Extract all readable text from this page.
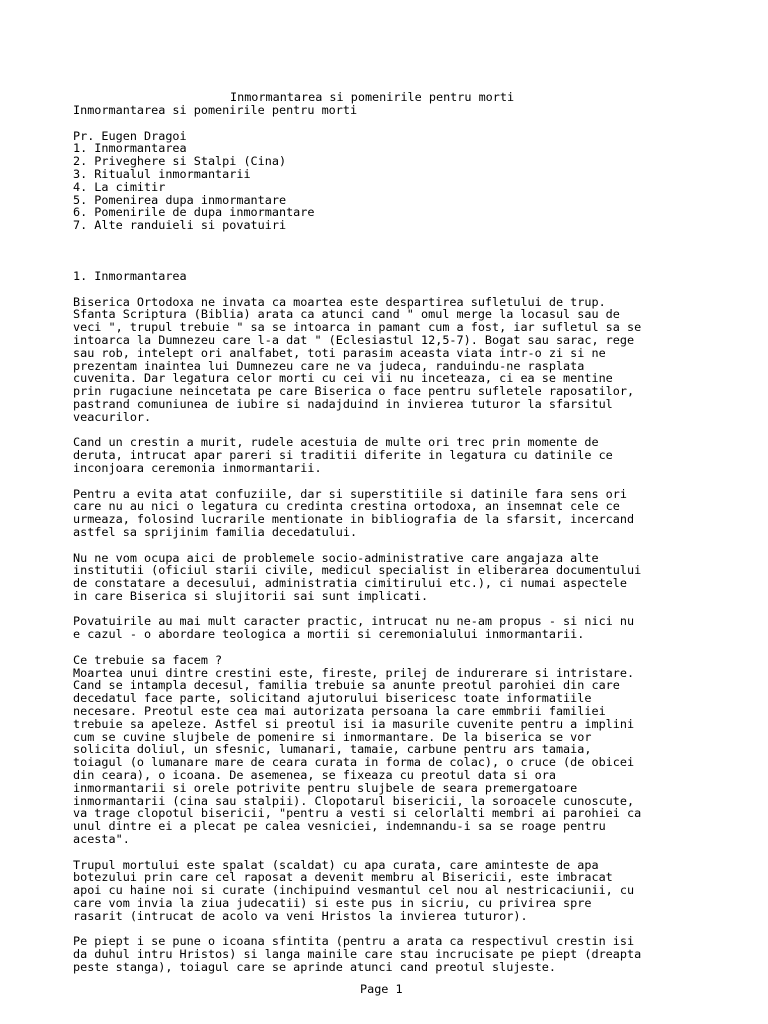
Inmormantarea si pomenirile pentru morti
Inmormantarea si pomenirile pentru morti
Pr. Eugen Dragoi
1. Inmormantarea
2. Priveghere si Stalpi (Cina)
3. Ritualul inmormantarii
4. La cimitir
5. Pomenirea dupa inmormantare
6. Pomenirile de dupa inmormantare
7. Alte randuieli si povatuiri
1. Inmormantarea
Biserica Ortodoxa ne invata ca moartea este despartirea sufletului de trup.
Sfanta Scriptura (Biblia) arata ca atunci cand " omul merge la locasul sau de
veci ", trupul trebuie " sa se intoarca in pamant cum a fost, iar sufletul sa se
intoarca la Dumnezeu care l-a dat " (Eclesiastul 12,5-7). Bogat sau sarac, rege
sau rob, intelept ori analfabet, toti parasim aceasta viata intr-o zi si ne
prezentam inaintea lui Dumnezeu care ne va judeca, randuindu-ne rasplata
cuvenita. Dar legatura celor morti cu cei vii nu inceteaza, ci ea se mentine
prin rugaciune neincetata pe care Biserica o face pentru sufletele raposatilor,
pastrand comuniunea de iubire si nadajduind in invierea tuturor la sfarsitul
veacurilor.
Cand un crestin a murit, rudele acestuia de multe ori trec prin momente de
deruta, intrucat apar pareri si traditii diferite in legatura cu datinile ce
inconjoara ceremonia inmormantarii.
Pentru a evita atat confuziile, dar si superstitiile si datinile fara sens ori
care nu au nici o legatura cu credinta crestina ortodoxa, an insemnat cele ce
urmeaza, folosind lucrarile mentionate in bibliografia de la sfarsit, incercand
astfel sa sprijinim familia decedatului.
Nu ne vom ocupa aici de problemele socio-administrative care angajaza alte
institutii (oficiul starii civile, medicul specialist in eliberarea documentului
de constatare a decesului, administratia cimitirului etc.), ci numai aspectele
in care Biserica si slujitorii sai sunt implicati.
Povatuirile au mai mult caracter practic, intrucat nu ne-am propus - si nici nu
e cazul - o abordare teologica a mortii si ceremonialului inmormantarii.
Ce trebuie sa facem ?
Moartea unui dintre crestini este, fireste, prilej de indurerare si intristare.
Cand se intampla decesul, familia trebuie sa anunte preotul parohiei din care
decedatul face parte, solicitand ajutorului bisericesc toate informatiile
necesare. Preotul este cea mai autorizata persoana la care emmbrii familiei
trebuie sa apeleze. Astfel si preotul isi ia masurile cuvenite pentru a implini
cum se cuvine slujbele de pomenire si inmormantare. De la biserica se vor
solicita doliul, un sfesnic, lumanari, tamaie, carbune pentru ars tamaia,
toiagul (o lumanare mare de ceara curata in forma de colac), o cruce (de obicei
din ceara), o icoana. De asemenea, se fixeaza cu preotul data si ora
inmormantarii si orele potrivite pentru slujbele de seara premergatoare
inmormantarii (cina sau stalpii). Clopotarul bisericii, la soroacele cunoscute,
va trage clopotul bisericii, "pentru a vesti si celorlalti membri ai parohiei ca
unul dintre ei a plecat pe calea vesniciei, indemnandu-i sa se roage pentru
acesta".
Trupul mortului este spalat (scaldat) cu apa curata, care aminteste de apa
botezului prin care cel raposat a devenit membru al Bisericii, este imbracat
apoi cu haine noi si curate (inchipuind vesmantul cel nou al nestricaciunii, cu
care vom invia la ziua judecatii) si este pus in sicriu, cu privirea spre
rasarit (intrucat de acolo va veni Hristos la invierea tuturor).
Pe piept i se pune o icoana sfintita (pentru a arata ca respectivul crestin isi
da duhul intru Hristos) si langa mainile care stau incrucisate pe piept (dreapta
peste stanga), toiagul care se aprinde atunci cand preotul slujeste.
Page 1
